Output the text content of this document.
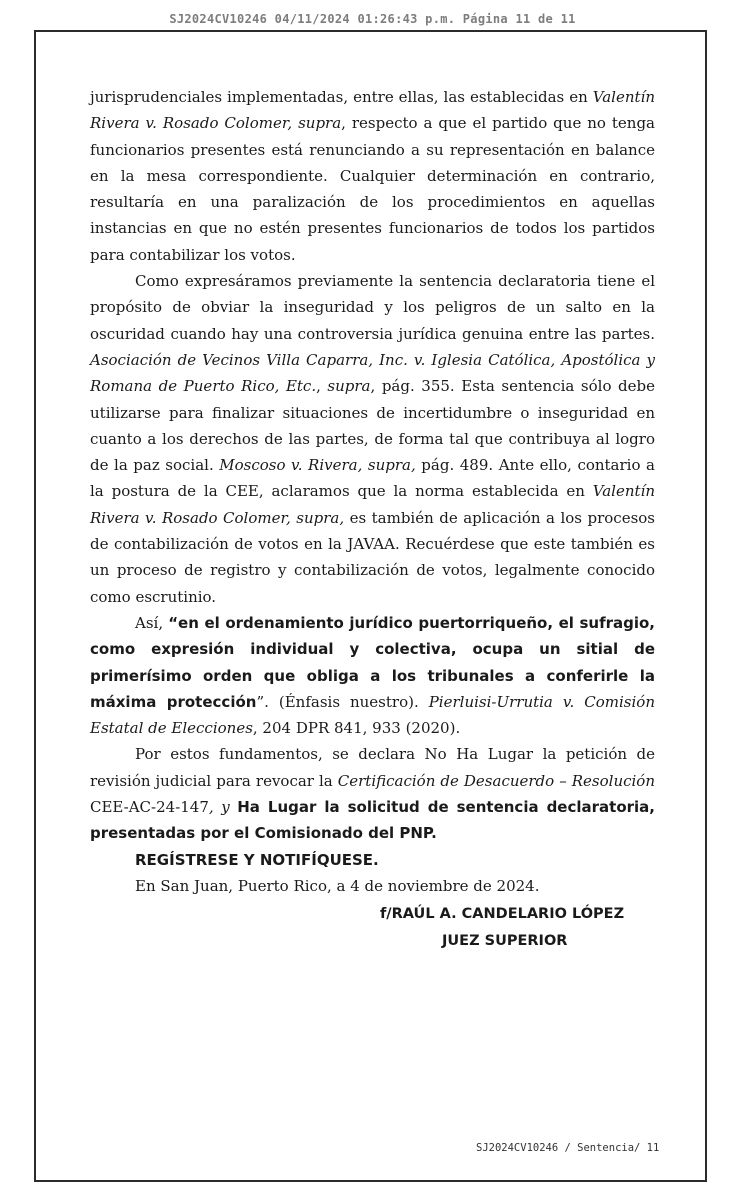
SJ2024CV10246 04/11/2024 01:26:43 p.m. Página 11 de 11

jurisprudenciales implementadas, entre ellas, las establecidas en Valentín Rivera v. Rosado Colomer, supra, respecto a que el partido que no tenga funcionarios presentes está renunciando a su representación en balance en la mesa correspondiente. Cualquier determinación en contrario, resultaría en una paralización de los procedimientos en aquellas instancias en que no estén presentes funcionarios de todos los partidos para contabilizar los votos.

Como expresáramos previamente la sentencia declaratoria tiene el propósito de obviar la inseguridad y los peligros de un salto en la oscuridad cuando hay una controversia jurídica genuina entre las partes. Asociación de Vecinos Villa Caparra, Inc. v. Iglesia Católica, Apostólica y Romana de Puerto Rico, Etc., supra, pág. 355. Esta sentencia sólo debe utilizarse para finalizar situaciones de incertidumbre o inseguridad en cuanto a los derechos de las partes, de forma tal que contribuya al logro de la paz social. Moscoso v. Rivera, supra, pág. 489. Ante ello, contario a la postura de la CEE, aclaramos que la norma establecida en Valentín Rivera v. Rosado Colomer, supra, es también de aplicación a los procesos de contabilización de votos en la JAVAA. Recuérdese que este también es un proceso de registro y contabilización de votos, legalmente conocido como escrutinio.

Así, “en el ordenamiento jurídico puertorriqueño, el sufragio, como expresión individual y colectiva, ocupa un sitial de primerísimo orden que obliga a los tribunales a conferirle la máxima protección”. (Énfasis nuestro). Pierluisi-Urrutia v. Comisión Estatal de Elecciones, 204 DPR 841, 933 (2020).

Por estos fundamentos, se declara No Ha Lugar la petición de revisión judicial para revocar la Certificación de Desacuerdo – Resolución CEE-AC-24-147, y Ha Lugar la solicitud de sentencia declaratoria, presentadas por el Comisionado del PNP.

REGÍSTRESE Y NOTIFÍQUESE.

En San Juan, Puerto Rico, a 4 de noviembre de 2024.

f/RAÚL A. CANDELARIO LÓPEZ

JUEZ SUPERIOR

SJ2024CV10246 / Sentencia/ 11
